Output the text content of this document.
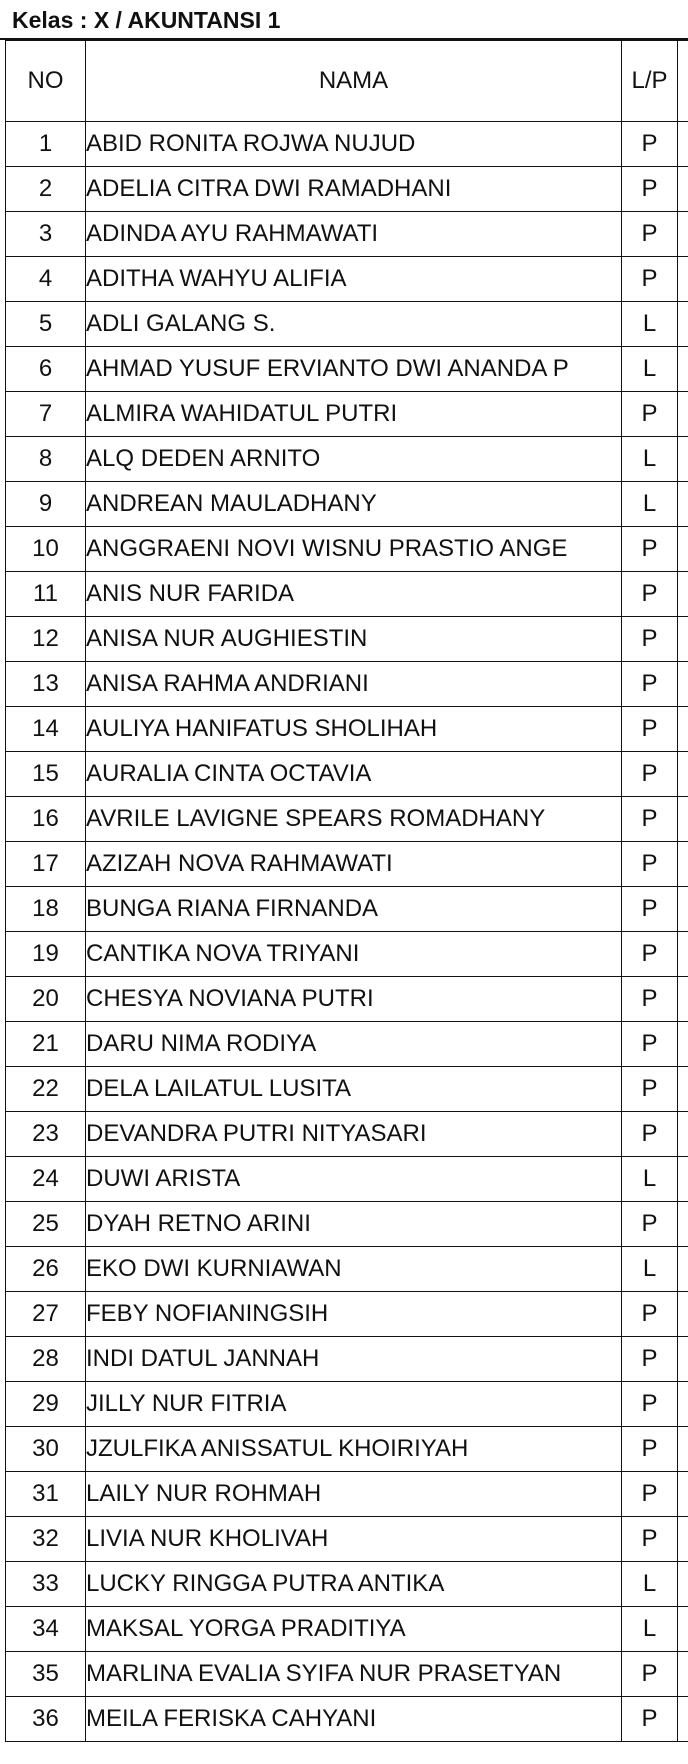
Kelas : X / AKUNTANSI 1
NO	NAMA	L/P	
1	ABID RONITA ROJWA NUJUD	P	
2	ADELIA CITRA DWI RAMADHANI	P	
3	ADINDA AYU RAHMAWATI	P	
4	ADITHA WAHYU ALIFIA	P	
5	ADLI GALANG S.	L	
6	AHMAD YUSUF ERVIANTO DWI ANANDA P	L	
7	ALMIRA WAHIDATUL PUTRI	P	
8	ALQ DEDEN ARNITO	L	
9	ANDREAN MAULADHANY	L	
10	ANGGRAENI NOVI WISNU PRASTIO ANGE	P	
11	ANIS NUR FARIDA	P	
12	ANISA NUR AUGHIESTIN	P	
13	ANISA RAHMA ANDRIANI	P	
14	AULIYA HANIFATUS SHOLIHAH	P	
15	AURALIA CINTA OCTAVIA	P	
16	AVRILE LAVIGNE SPEARS ROMADHANY	P	
17	AZIZAH NOVA RAHMAWATI	P	
18	BUNGA RIANA FIRNANDA	P	
19	CANTIKA NOVA TRIYANI	P	
20	CHESYA NOVIANA PUTRI	P	
21	DARU NIMA RODIYA	P	
22	DELA LAILATUL LUSITA	P	
23	DEVANDRA PUTRI NITYASARI	P	
24	DUWI ARISTA	L	
25	DYAH RETNO ARINI	P	
26	EKO DWI KURNIAWAN	L	
27	FEBY NOFIANINGSIH	P	
28	INDI DATUL JANNAH	P	
29	JILLY NUR FITRIA	P	
30	JZULFIKA ANISSATUL KHOIRIYAH	P	
31	LAILY NUR ROHMAH	P	
32	LIVIA NUR KHOLIVAH	P	
33	LUCKY RINGGA PUTRA ANTIKA	L	
34	MAKSAL YORGA PRADITIYA	L	
35	MARLINA EVALIA SYIFA NUR PRASETYAN	P	
36	MEILA FERISKA CAHYANI	P	
